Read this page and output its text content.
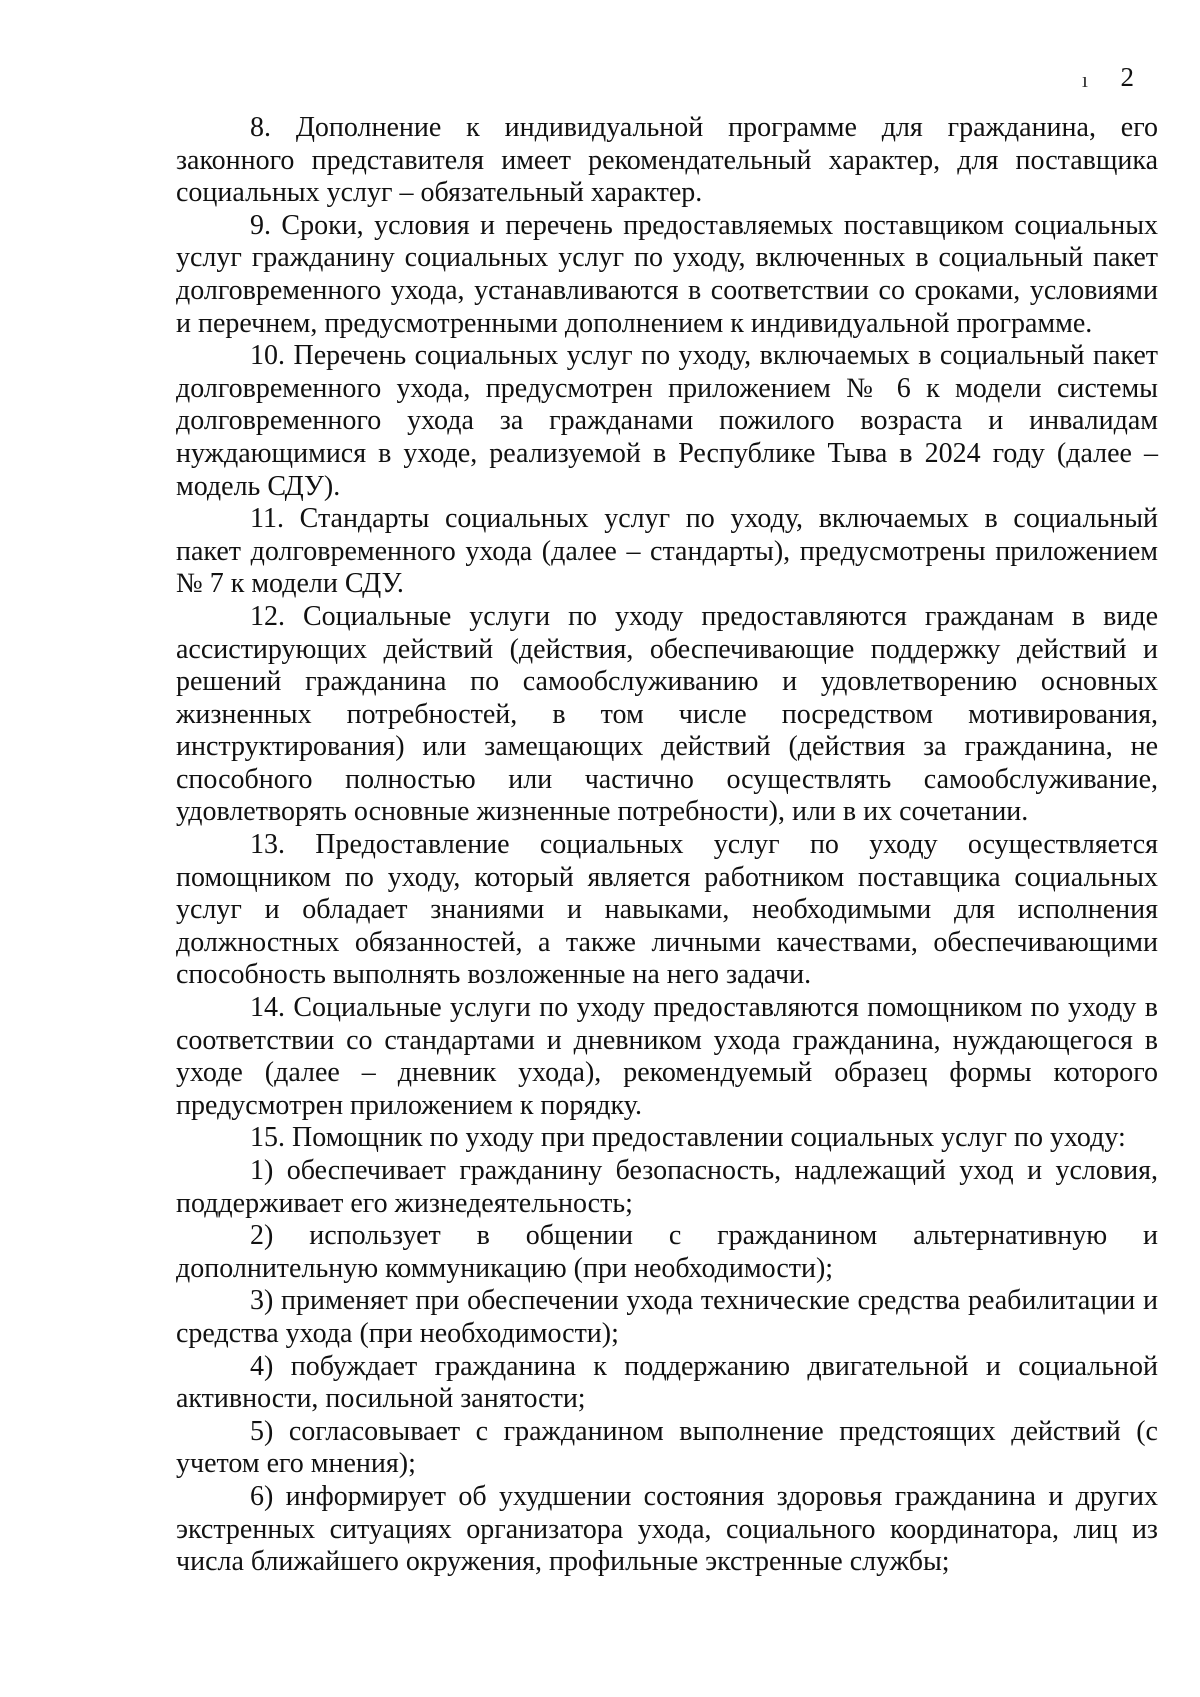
ı 2

8. Дополнение к индивидуальной программе для гражданина, его законного представителя имеет рекомендательный характер, для поставщика социальных услуг – обязательный характер.

9. Сроки, условия и перечень предоставляемых поставщиком социальных услуг гражданину социальных услуг по уходу, включенных в социальный пакет долговременного ухода, устанавливаются в соответствии со сроками, условиями и перечнем, предусмотренными дополнением к индивидуальной программе.

10. Перечень социальных услуг по уходу, включаемых в социальный пакет долговременного ухода, предусмотрен приложением № 6 к модели системы долговременного ухода за гражданами пожилого возраста и инвалидам нуждающимися в уходе, реализуемой в Республике Тыва в 2024 году (далее – модель СДУ).

11. Стандарты социальных услуг по уходу, включаемых в социальный пакет долговременного ухода (далее – стандарты), предусмотрены приложением № 7 к модели СДУ.

12. Социальные услуги по уходу предоставляются гражданам в виде ассистирующих действий (действия, обеспечивающие поддержку действий и решений гражданина по самообслуживанию и удовлетворению основных жизненных потребностей, в том числе посредством мотивирования, инструктирования) или замещающих действий (действия за гражданина, не способного полностью или частично осуществлять самообслуживание, удовлетворять основные жизненные потребности), или в их сочетании.

13. Предоставление социальных услуг по уходу осуществляется помощником по уходу, который является работником поставщика социальных услуг и обладает знаниями и навыками, необходимыми для исполнения должностных обязанностей, а также личными качествами, обеспечивающими способность выполнять возложенные на него задачи.

14. Социальные услуги по уходу предоставляются помощником по уходу в соответствии со стандартами и дневником ухода гражданина, нуждающегося в уходе (далее – дневник ухода), рекомендуемый образец формы которого предусмотрен приложением к порядку.

15. Помощник по уходу при предоставлении социальных услуг по уходу:

1) обеспечивает гражданину безопасность, надлежащий уход и условия, поддерживает его жизнедеятельность;

2) использует в общении с гражданином альтернативную и дополнительную коммуникацию (при необходимости);

3) применяет при обеспечении ухода технические средства реабилитации и средства ухода (при необходимости);

4) побуждает гражданина к поддержанию двигательной и социальной активности, посильной занятости;

5) согласовывает с гражданином выполнение предстоящих действий (с учетом его мнения);

6) информирует об ухудшении состояния здоровья гражданина и других экстренных ситуациях организатора ухода, социального координатора, лиц из числа ближайшего окружения, профильные экстренные службы;
